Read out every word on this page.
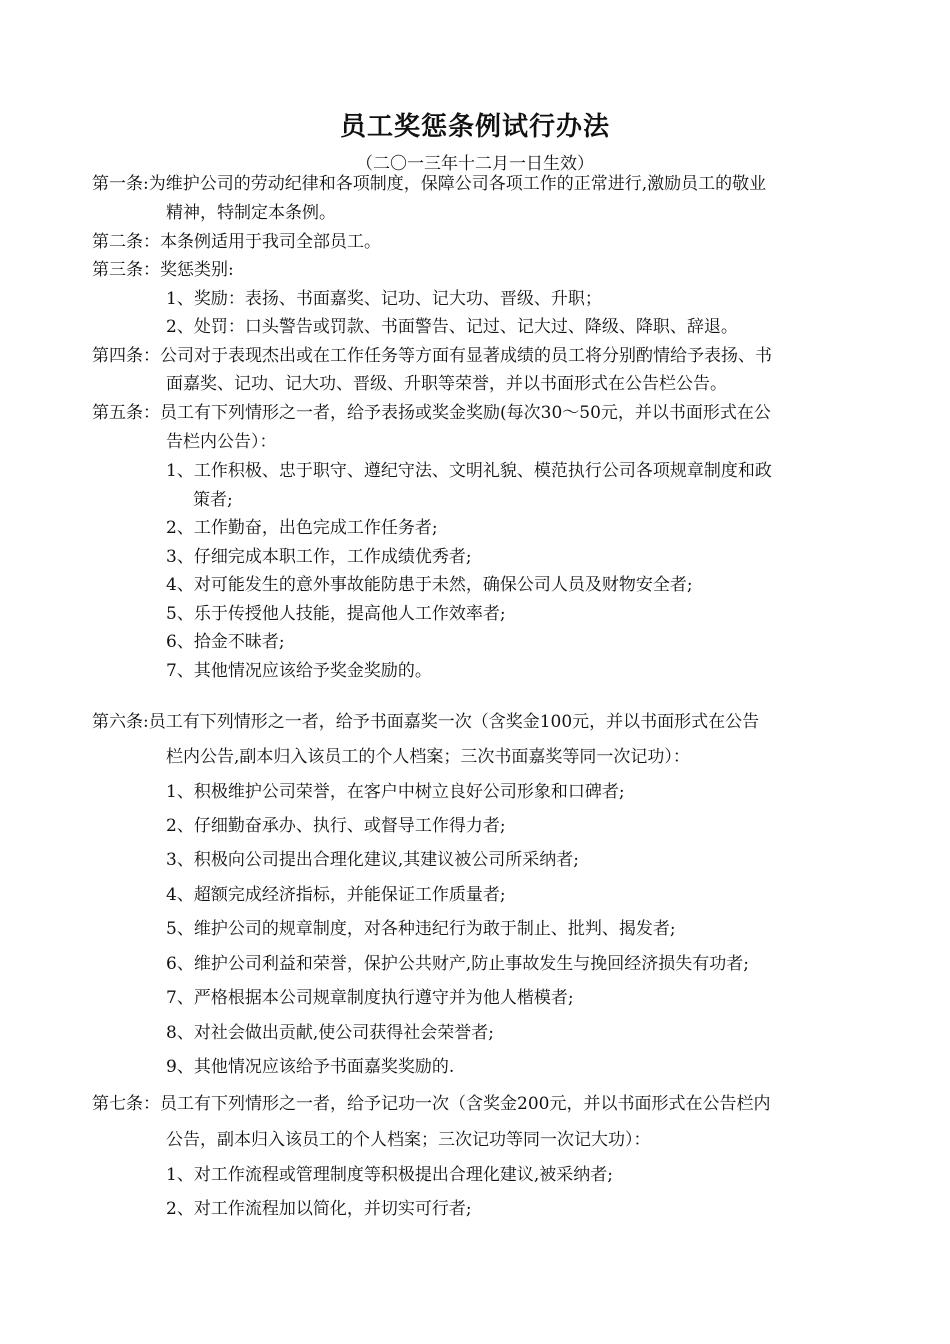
员工奖惩条例试行办法
（二〇一三年十二月一日生效）
第一条:为维护公司的劳动纪律和各项制度，保障公司各项工作的正常进行,激励员工的敬业
精神，特制定本条例。
第二条：本条例适用于我司全部员工。
第三条：奖惩类别:
1、奖励：表扬、书面嘉奖、记功、记大功、晋级、升职；
2、处罚：口头警告或罚款、书面警告、记过、记大过、降级、降职、辞退。
第四条：公司对于表现杰出或在工作任务等方面有显著成绩的员工将分别酌情给予表扬、书
面嘉奖、记功、记大功、晋级、升职等荣誉，并以书面形式在公告栏公告。
第五条：员工有下列情形之一者，给予表扬或奖金奖励(每次30～50元，并以书面形式在公
告栏内公告）：
1、工作积极、忠于职守、遵纪守法、文明礼貌、模范执行公司各项规章制度和政
策者;
2、工作勤奋，出色完成工作任务者;
3、仔细完成本职工作，工作成绩优秀者;
4、对可能发生的意外事故能防患于未然，确保公司人员及财物安全者;
5、乐于传授他人技能，提高他人工作效率者;
6、拾金不昧者;
7、其他情况应该给予奖金奖励的。
第六条:员工有下列情形之一者，给予书面嘉奖一次（含奖金100元，并以书面形式在公告
栏内公告,副本归入该员工的个人档案；三次书面嘉奖等同一次记功）：
1、积极维护公司荣誉，在客户中树立良好公司形象和口碑者;
2、仔细勤奋承办、执行、或督导工作得力者;
3、积极向公司提出合理化建议,其建议被公司所采纳者;
4、超额完成经济指标，并能保证工作质量者;
5、维护公司的规章制度，对各种违纪行为敢于制止、批判、揭发者;
6、维护公司利益和荣誉，保护公共财产,防止事故发生与挽回经济损失有功者;
7、严格根据本公司规章制度执行遵守并为他人楷模者;
8、对社会做出贡献,使公司获得社会荣誉者;
9、其他情况应该给予书面嘉奖奖励的.
第七条：员工有下列情形之一者，给予记功一次（含奖金200元，并以书面形式在公告栏内
公告，副本归入该员工的个人档案；三次记功等同一次记大功）：
1、对工作流程或管理制度等积极提出合理化建议,被采纳者;
2、对工作流程加以简化，并切实可行者;
